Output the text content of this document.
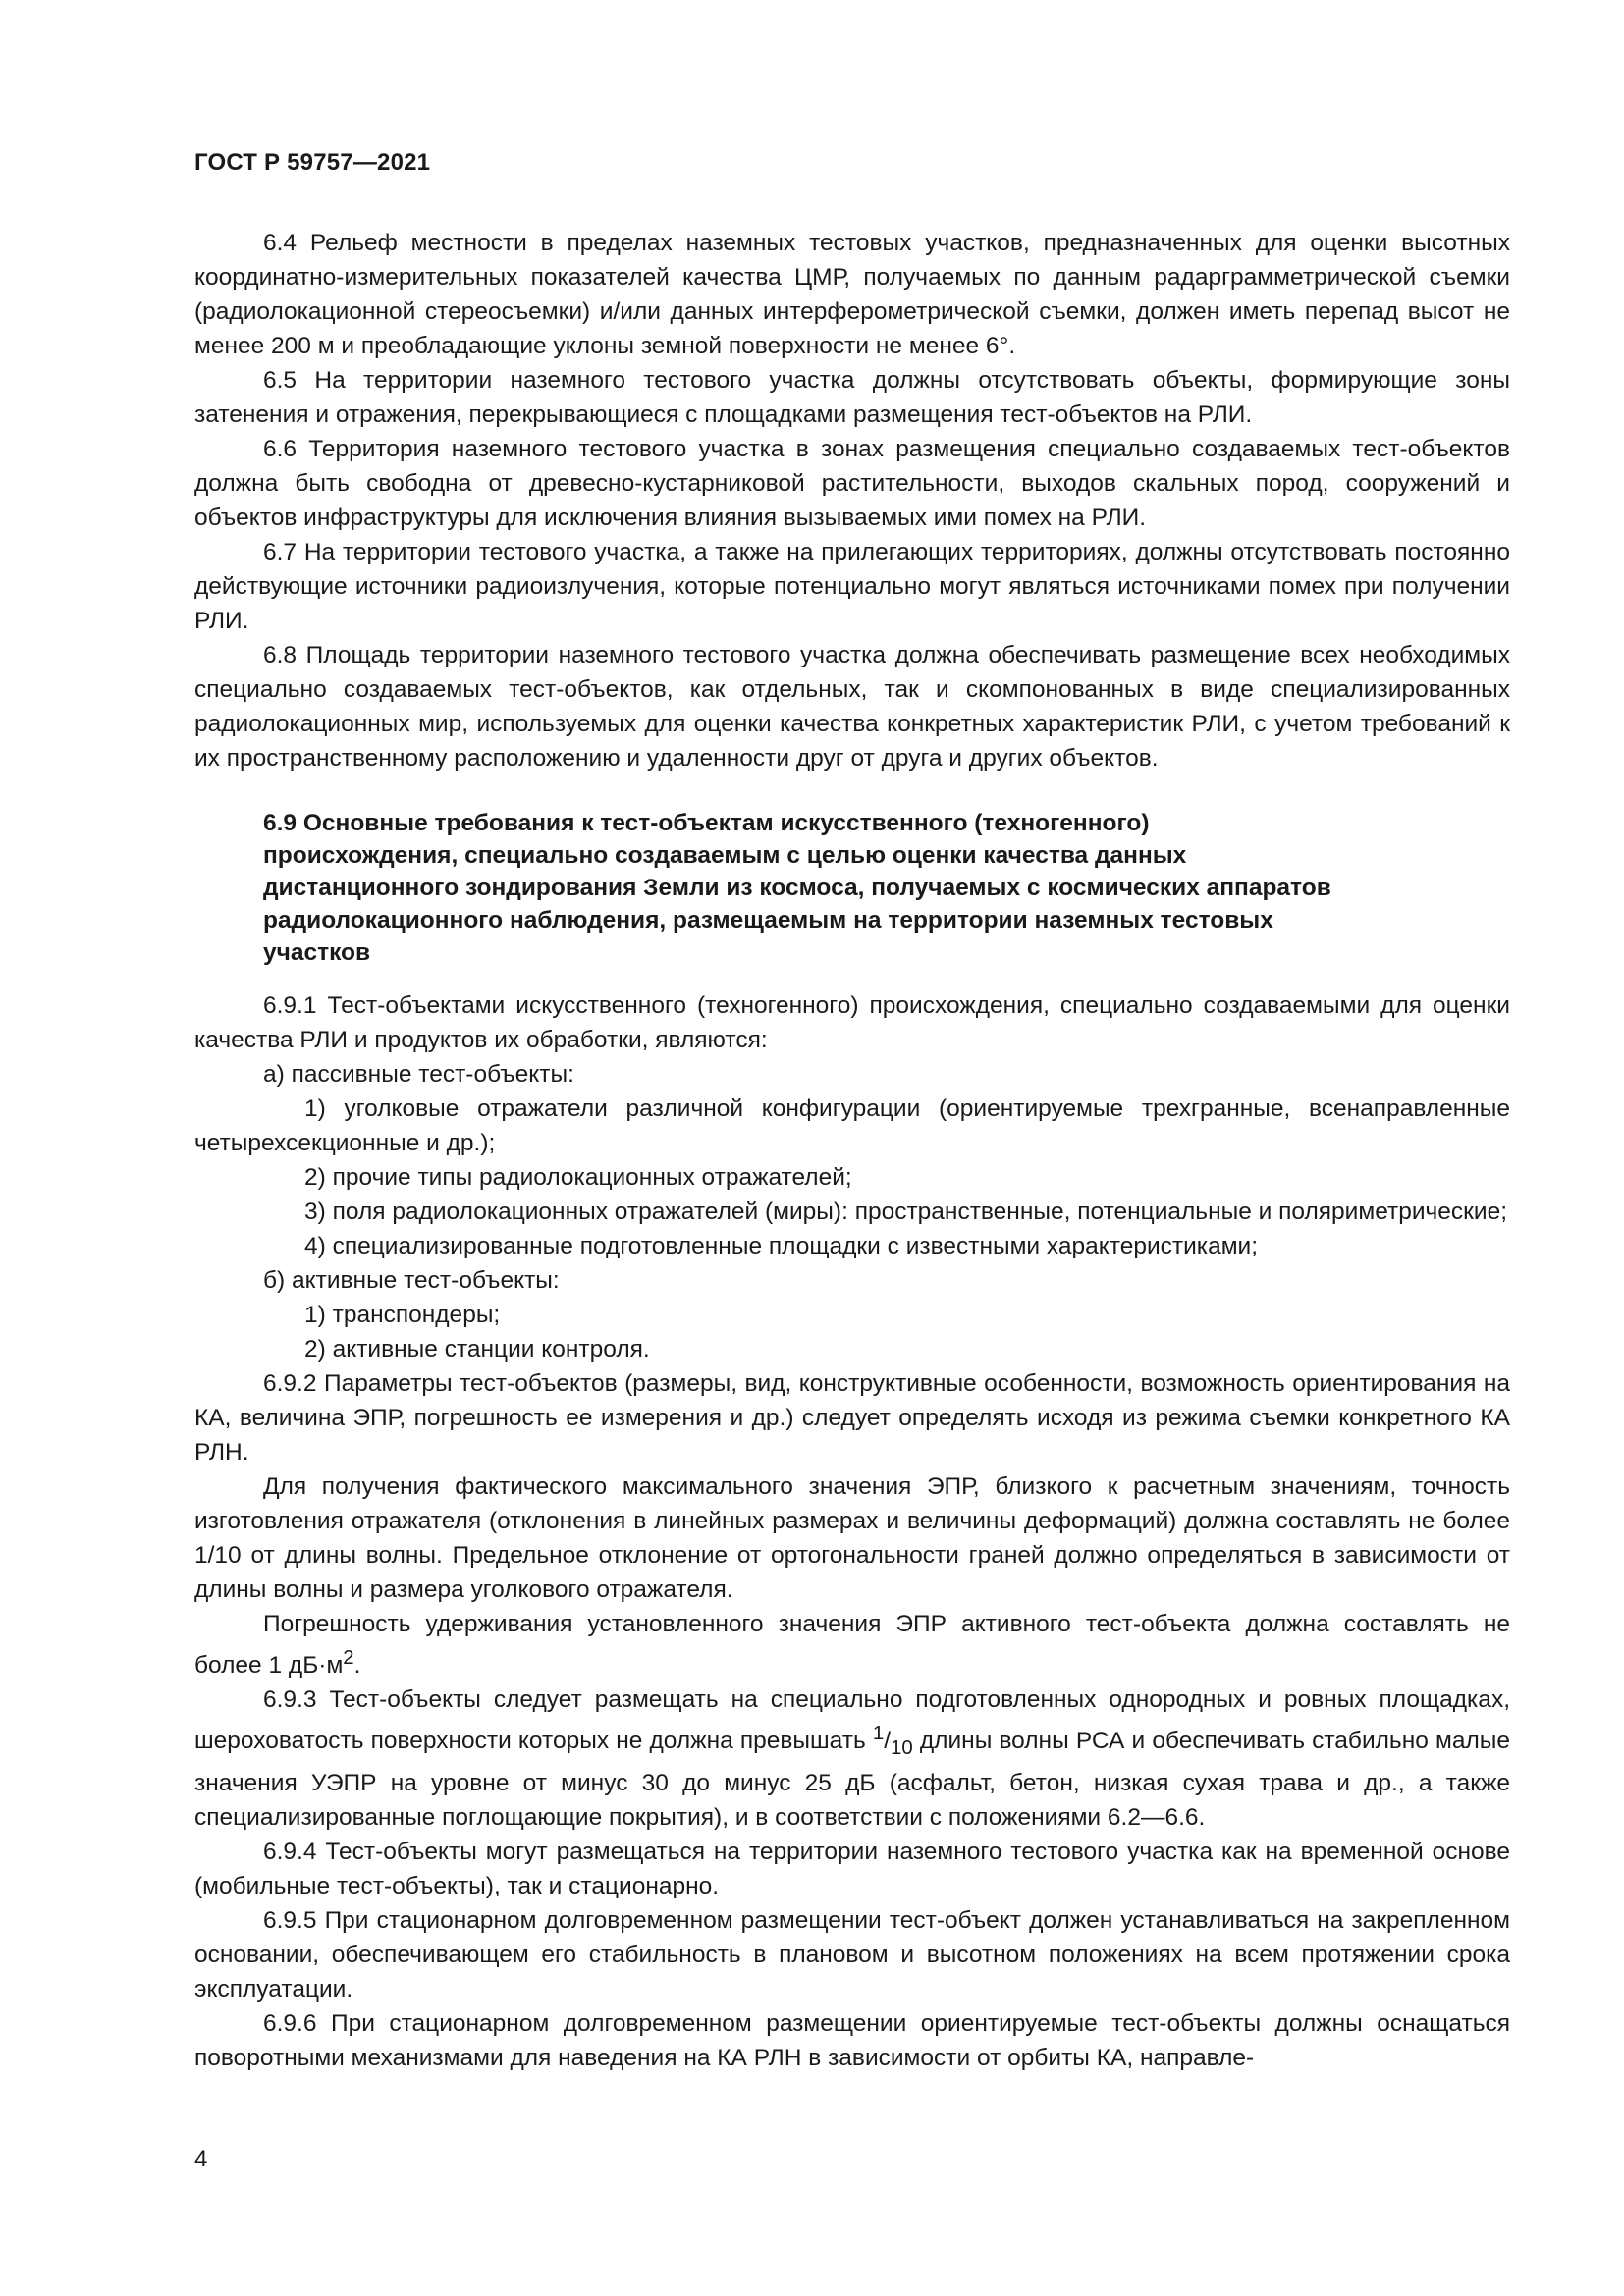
ГОСТ Р 59757—2021

6.4 Рельеф местности в пределах наземных тестовых участков, предназначенных для оценки высотных координатно-измерительных показателей качества ЦМР, получаемых по данным радарграмметрической съемки (радиолокационной стереосъемки) и/или данных интерферометрической съемки, должен иметь перепад высот не менее 200 м и преобладающие уклоны земной поверхности не менее 6°.

6.5 На территории наземного тестового участка должны отсутствовать объекты, формирующие зоны затенения и отражения, перекрывающиеся с площадками размещения тест-объектов на РЛИ.

6.6 Территория наземного тестового участка в зонах размещения специально создаваемых тест-объектов должна быть свободна от древесно-кустарниковой растительности, выходов скальных пород, сооружений и объектов инфраструктуры для исключения влияния вызываемых ими помех на РЛИ.

6.7 На территории тестового участка, а также на прилегающих территориях, должны отсутствовать постоянно действующие источники радиоизлучения, которые потенциально могут являться источниками помех при получении РЛИ.

6.8 Площадь территории наземного тестового участка должна обеспечивать размещение всех необходимых специально создаваемых тест-объектов, как отдельных, так и скомпонованных в виде специализированных радиолокационных мир, используемых для оценки качества конкретных характеристик РЛИ, с учетом требований к их пространственному расположению и удаленности друг от друга и других объектов.

6.9 Основные требования к тест-объектам искусственного (техногенного)
происхождения, специально создаваемым с целью оценки качества данных
дистанционного зондирования Земли из космоса, получаемых с космических аппаратов
радиолокационного наблюдения, размещаемым на территории наземных тестовых
участков

6.9.1 Тест-объектами искусственного (техногенного) происхождения, специально создаваемыми для оценки качества РЛИ и продуктов их обработки, являются:

а) пассивные тест-объекты:

1) уголковые отражатели различной конфигурации (ориентируемые трехгранные, всенаправленные четырехсекционные и др.);

2) прочие типы радиолокационных отражателей;

3) поля радиолокационных отражателей (миры): пространственные, потенциальные и поляриметрические;

4) специализированные подготовленные площадки с известными характеристиками;

б) активные тест-объекты:

1) транспондеры;

2) активные станции контроля.

6.9.2 Параметры тест-объектов (размеры, вид, конструктивные особенности, возможность ориентирования на КА, величина ЭПР, погрешность ее измерения и др.) следует определять исходя из режима съемки конкретного КА РЛН.

Для получения фактического максимального значения ЭПР, близкого к расчетным значениям, точность изготовления отражателя (отклонения в линейных размерах и величины деформаций) должна составлять не более 1/10 от длины волны. Предельное отклонение от ортогональности граней должно определяться в зависимости от длины волны и размера уголкового отражателя.

Погрешность удерживания установленного значения ЭПР активного тест-объекта должна составлять не более 1 $дБ\cdot м^2$.

6.9.3 Тест-объекты следует размещать на специально подготовленных однородных и ровных площадках, шероховатость поверхности которых не должна превышать $^1/_{10}$ длины волны РСА и обеспечивать стабильно малые значения УЭПР на уровне от минус 30 до минус 25 дБ (асфальт, бетон, низкая сухая трава и др., а также специализированные поглощающие покрытия), и в соответствии с положениями 6.2—6.6.

6.9.4 Тест-объекты могут размещаться на территории наземного тестового участка как на временной основе (мобильные тест-объекты), так и стационарно.

6.9.5 При стационарном долговременном размещении тест-объект должен устанавливаться на закрепленном основании, обеспечивающем его стабильность в плановом и высотном положениях на всем протяжении срока эксплуатации.

6.9.6 При стационарном долговременном размещении ориентируемые тест-объекты должны оснащаться поворотными механизмами для наведения на КА РЛН в зависимости от орбиты КА, направле-

4
